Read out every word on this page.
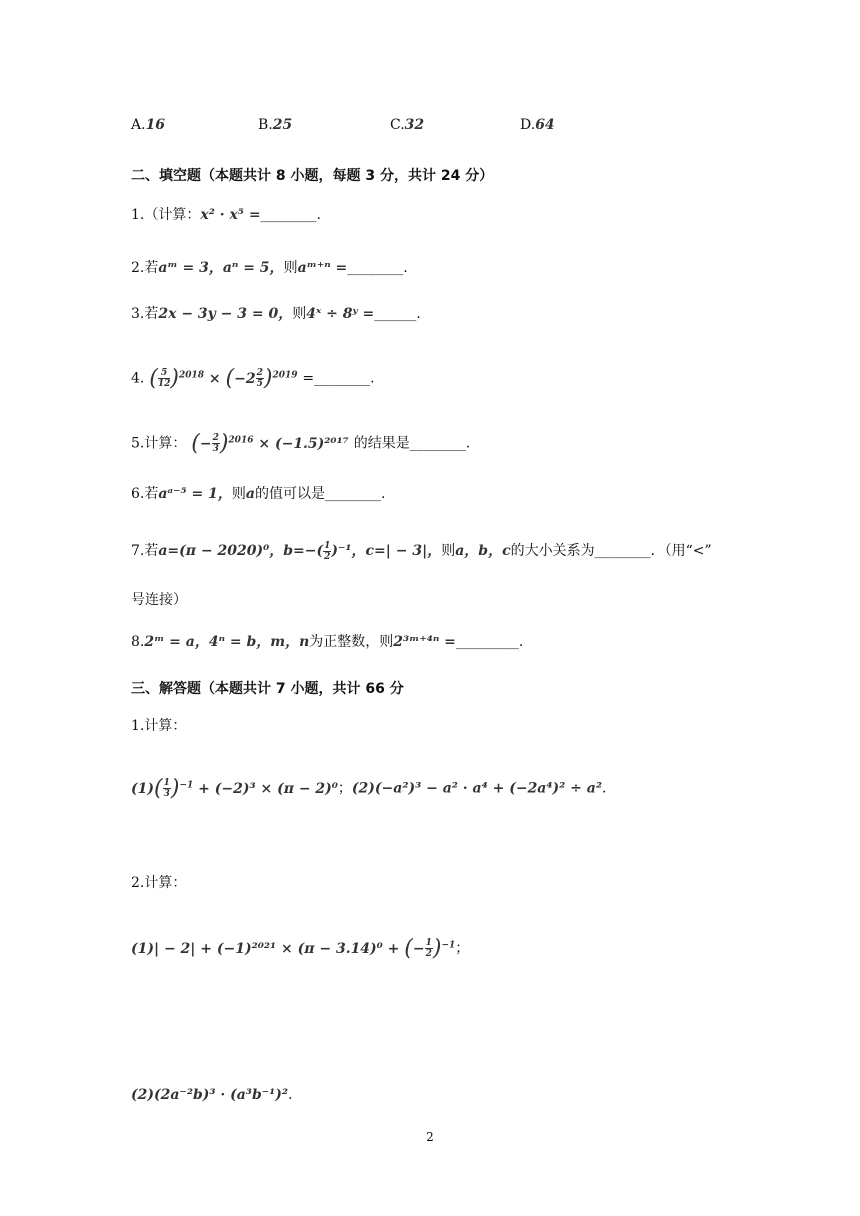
A.16	B.25	C.32	D.64
二、填空题（本题共计 8 小题，每题 3 分，共计 24 分）
1.（计算：x² · x⁵ =________.
2.若aᵐ = 3，aⁿ = 5，则aᵐ⁺ⁿ =________.
3.若2x − 3y − 3 = 0，则4ˣ ÷ 8ʸ =______.
4. ( $\frac{5}{12} )^{2018} \times (-2 \frac{2}{5} )^{2019}$ =________.
5.计算： (− $\frac{2}{3} )^{2016} \times (-1.5)^{2017}$ 的结果是________.
6.若aᵃ⁻⁵ = 1，则a的值可以是________.
7.若a=(π − 2020)⁰，$b=-( \frac{1}{2} )^{-1}$，c=| − 3|，则a，b，c的大小关系为________．（用“<”
号连接）
8.2ᵐ = a，4ⁿ = b，m，n为正整数，则2³ᵐ⁺⁴ⁿ =_________.
三、解答题（本题共计 7 小题，共计 66 分
1.计算：
$(1)( \frac{1}{3} )^{-1} + (-2)^3 \times (\pi - 2)^0$；(2)(−a²)³ − a² · a⁴ + (−2a⁴)² ÷ a².
2.计算：
(1)| − 2| + (−1)²⁰²¹ × (π − 3.14)⁰ + (− $\frac{1}{2} )^{-1}$；
(2)(2a⁻²b)³ · (a³b⁻¹)².
2
